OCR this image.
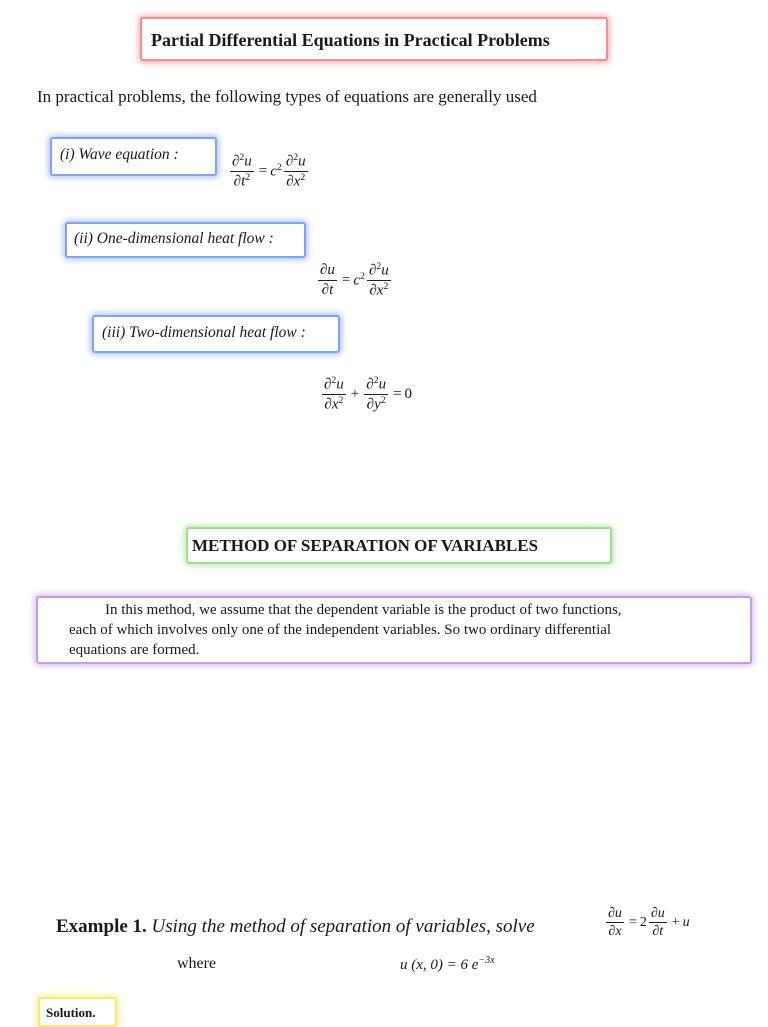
Partial Differential Equations in Practical Problems
In practical problems, the following types of equations are generally used
(i) Wave equation :	$\frac{\partial^2u}{\partial t^2} = c^2 \frac{\partial^2u}{\partial x^2}$
(ii) One-dimensional heat flow :
$\frac{\partial u}{\partial t} = c^2 \frac{\partial^2u}{\partial x^2}$
(iii) Two-dimensional heat flow :
$\frac{\partial^2u}{\partial x^2} + \frac{\partial^2u}{\partial y^2} = 0$
METHOD OF SEPARATION OF VARIABLES
In this method, we assume that the dependent variable is the product of two functions,
each of which involves only one of the independent variables. So two ordinary differential
equations are formed.
Example 1. Using the method of separation of variables, solve	$\frac{\partial u}{\partial x} = 2 \frac{\partial u}{\partial t} + u$
where	u (x, 0) = 6 $e^{-3x}$
Solution.
